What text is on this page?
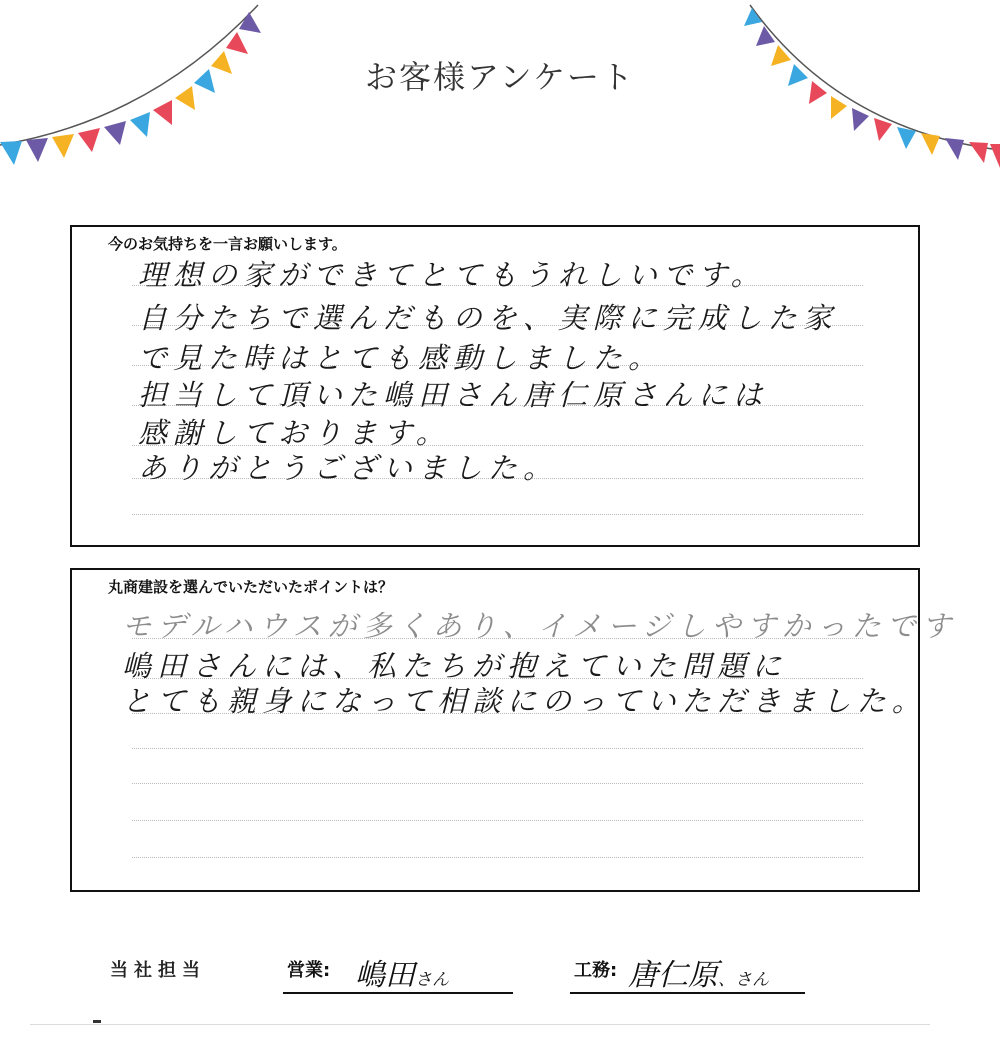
お客様アンケート
今のお気持ちを一言お願いします。
理想の家ができてとてもうれしいです。
自分たちで選んだものを、実際に完成した家
で見た時はとても感動しました。
担当して頂いた嶋田さん唐仁原さんには
感謝しております。
ありがとうございました。
丸商建設を選んでいただいたポイントは？
モデルハウスが多くあり、イメージしやすかったです
嶋田さんには、私たちが抱えていた問題に
とても親身になって相談にのっていただきました。
当社担当	営業: 嶋田さん	工務: 唐仁原、さん
